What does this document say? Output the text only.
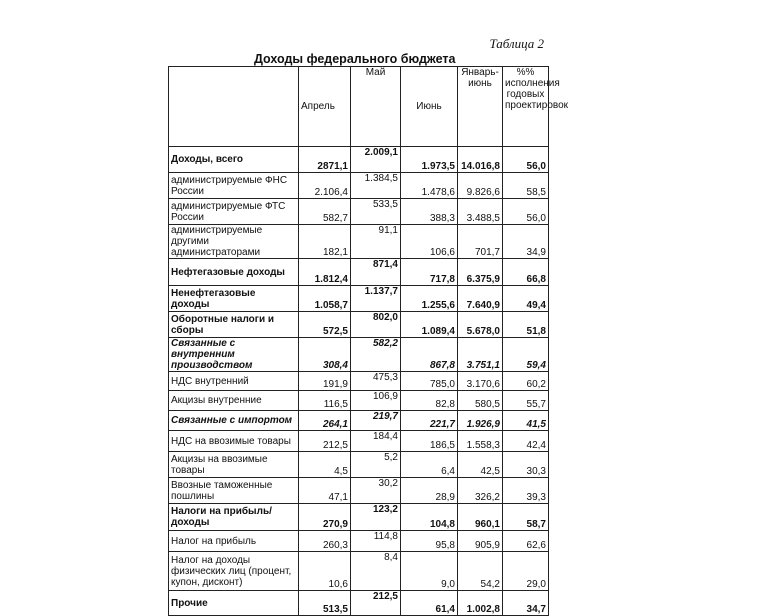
Таблица 2
Доходы федерального бюджета
	Апрель	Май	Июнь	Январь-июнь	%% исполнения годовых проектировок
Доходы, всего	2871,1	2.009,1	1.973,5	14.016,8	56,0
администрируемые ФНС России	2.106,4	1.384,5	1.478,6	9.826,6	58,5
администрируемые ФТС России	582,7	533,5	388,3	3.488,5	56,0
администрируемые другими администраторами	182,1	91,1	106,6	701,7	34,9
Нефтегазовые доходы	1.812,4	871,4	717,8	6.375,9	66,8
Ненефтегазовые доходы	1.058,7	1.137,7	1.255,6	7.640,9	49,4
Оборотные налоги и сборы	572,5	802,0	1.089,4	5.678,0	51,8
Связанные с внутренним производством	308,4	582,2	867,8	3.751,1	59,4
НДС внутренний	191,9	475,3	785,0	3.170,6	60,2
Акцизы внутренние	116,5	106,9	82,8	580,5	55,7
Связанные с импортом	264,1	219,7	221,7	1.926,9	41,5
НДС на ввозимые товары	212,5	184,4	186,5	1.558,3	42,4
Акцизы на ввозимые товары	4,5	5,2	6,4	42,5	30,3
Ввозные таможенные пошлины	47,1	30,2	28,9	326,2	39,3
Налоги на прибыль/доходы	270,9	123,2	104,8	960,1	58,7
Налог на прибыль	260,3	114,8	95,8	905,9	62,6
Налог на доходы физических лиц (процент, купон, дисконт)	10,6	8,4	9,0	54,2	29,0
Прочие	513,5	212,5	61,4	1.002,8	34,7
